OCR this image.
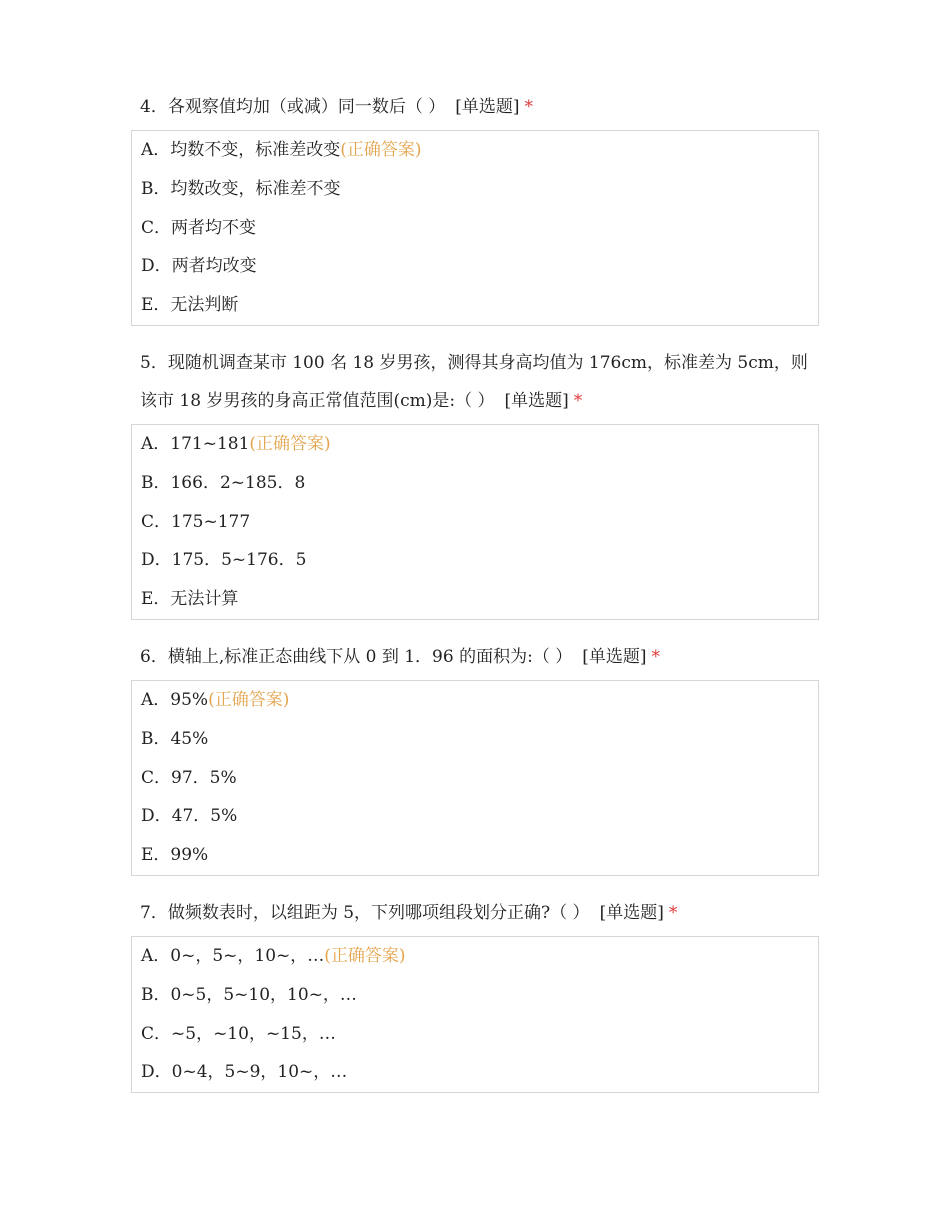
4．各观察值均加（或减）同一数后（ ） [单选题] *
A．均数不变，标准差改变(正确答案)
B．均数改变，标准差不变
C．两者均不变
D．两者均改变
E．无法判断
5．现随机调查某市 100 名 18 岁男孩，测得其身高均值为 176cm，标准差为 5cm，则该市 18 岁男孩的身高正常值范围(cm)是:（ ） [单选题] *
A．171~181(正确答案)
B．166．2~185．8
C．175~177
D．175．5~176．5
E．无法计算
6．横轴上,标准正态曲线下从 0 到 1．96 的面积为:（ ） [单选题] *
A．95%(正确答案)
B．45%
C．97．5%
D．47．5%
E．99%
7．做频数表时，以组距为 5，下列哪项组段划分正确?（ ） [单选题] *
A．0~，5~，10~，…(正确答案)
B．0~5，5~10，10~，…
C．~5，~10，~15，…
D．0~4，5~9，10~，…
